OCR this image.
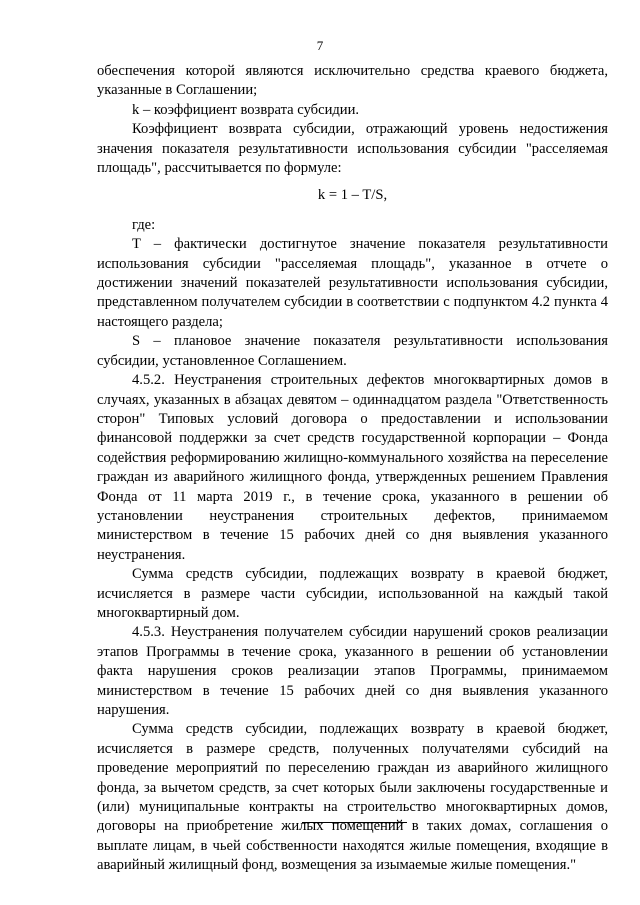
7

обеспечения которой являются исключительно средства краевого бюджета, указанные в Соглашении;

k – коэффициент возврата субсидии.

Коэффициент возврата субсидии, отражающий уровень недостижения значения показателя результативности использования субсидии "расселяемая площадь", рассчитывается по формуле:

k = 1 – T/S,

где:

T – фактически достигнутое значение показателя результативности использования субсидии "расселяемая площадь", указанное в отчете о достижении значений показателей результативности использования субсидии, представленном получателем субсидии в соответствии с подпунктом 4.2 пункта 4 настоящего раздела;

S – плановое значение показателя результативности использования субсидии, установленное Соглашением.

4.5.2. Неустранения строительных дефектов многоквартирных домов в случаях, указанных в абзацах девятом – одиннадцатом раздела "Ответственность сторон" Типовых условий договора о предоставлении и использовании финансовой поддержки за счет средств государственной корпорации – Фонда содействия реформированию жилищно-коммунального хозяйства на переселение граждан из аварийного жилищного фонда, утвержденных решением Правления Фонда от 11 марта 2019 г., в течение срока, указанного в решении об установлении неустранения строительных дефектов, принимаемом министерством в течение 15 рабочих дней со дня выявления указанного неустранения.

Сумма средств субсидии, подлежащих возврату в краевой бюджет, исчисляется в размере части субсидии, использованной на каждый такой многоквартирный дом.

4.5.3. Неустранения получателем субсидии нарушений сроков реализации этапов Программы в течение срока, указанного в решении об установлении факта нарушения сроков реализации этапов Программы, принимаемом министерством в течение 15 рабочих дней со дня выявления указанного нарушения.

Сумма средств субсидии, подлежащих возврату в краевой бюджет, исчисляется в размере средств, полученных получателями субсидий на проведение мероприятий по переселению граждан из аварийного жилищного фонда, за вычетом средств, за счет которых были заключены государственные и (или) муниципальные контракты на строительство многоквартирных домов, договоры на приобретение жилых помещений в таких домах, соглашения о выплате лицам, в чьей собственности находятся жилые помещения, входящие в аварийный жилищный фонд, возмещения за изымаемые жилые помещения."
